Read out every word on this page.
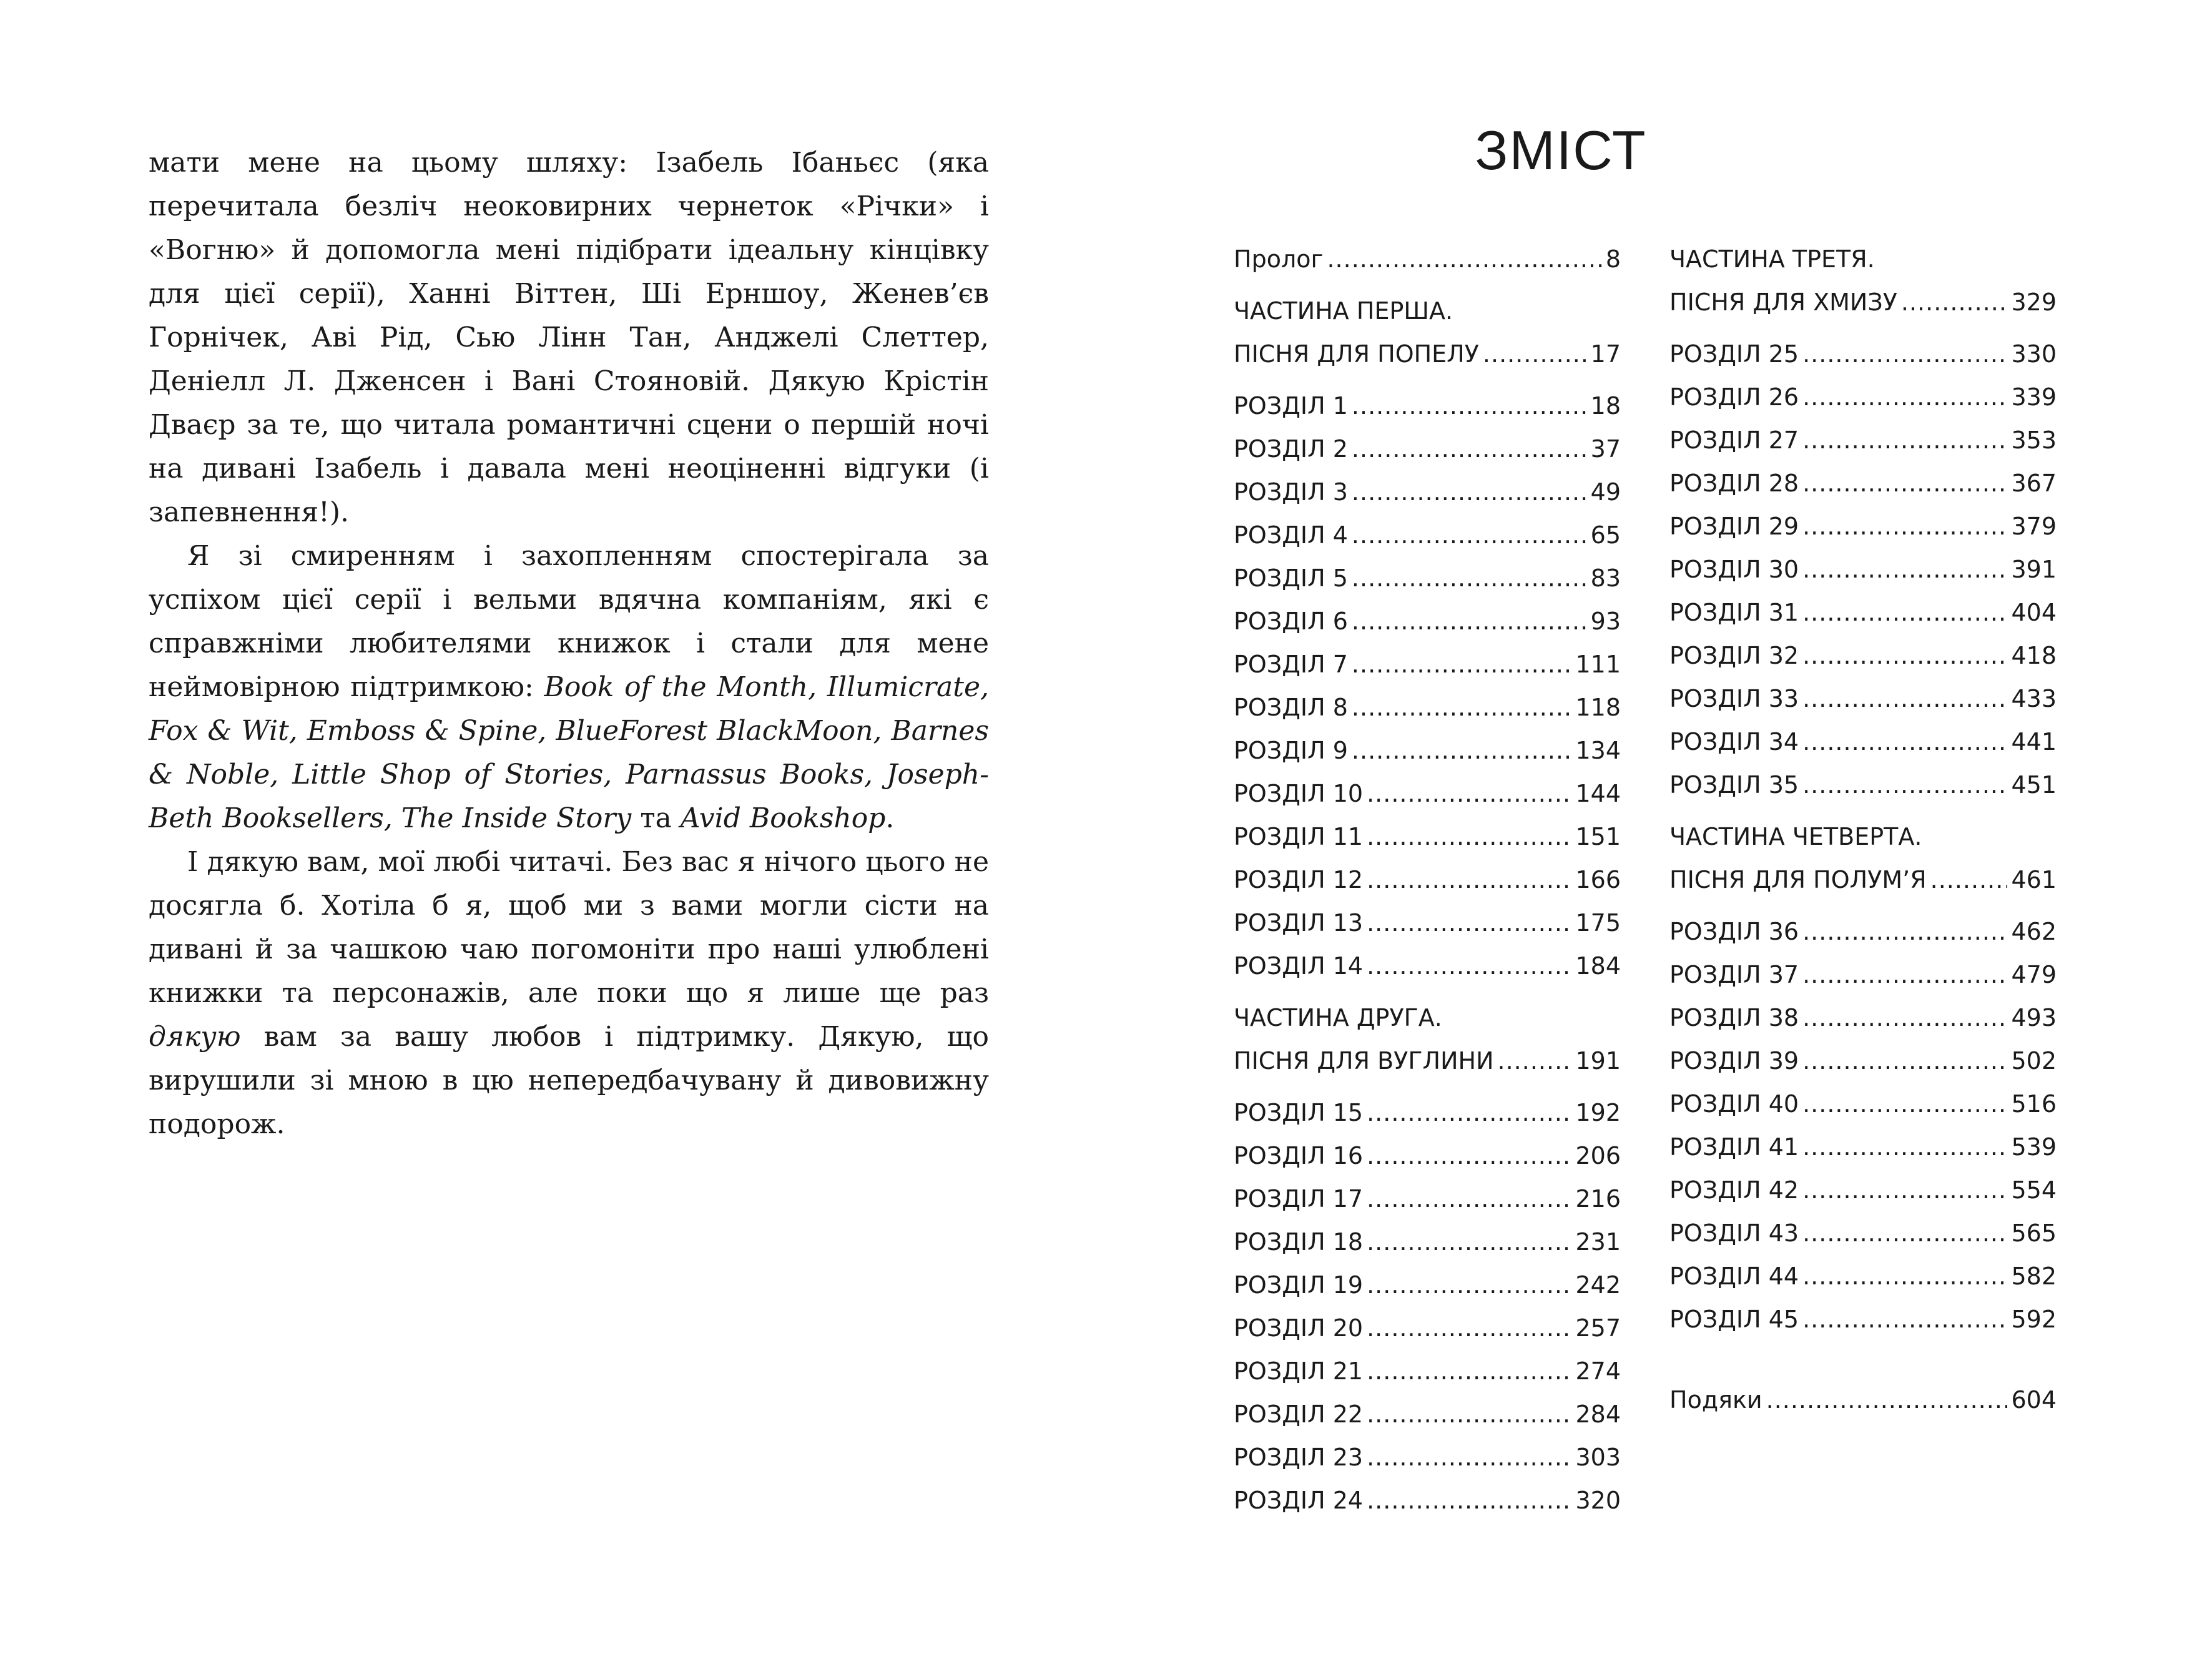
мати мене на цьому шляху: Ізабель Ібаньєс (яка перечитала безліч неоковирних чернеток «Річки» і «Вогню» й допомогла мені підібрати ідеальну кінцівку для цієї серії), Ханні Віттен, Ші Ерншоу, Женев’єв Горнічек, Аві Рід, Сью Лінн Тан, Анджелі Слеттер, Деніелл Л. Дженсен і Вані Стояновій. Дякую Крістін Дваєр за те, що читала романтичні сцени о першій ночі на дивані Ізабель і давала мені неоціненні відгуки (і запевнення!).

Я зі смиренням і захопленням спостерігала за успіхом цієї серії і вельми вдячна компаніям, які є справжніми любителями книжок і стали для мене неймовірною підтримкою: Book of the Month, Illumicrate, Fox & Wit, Emboss & Spine, BlueForest BlackMoon, Barnes & Noble, Little Shop of Stories, Parnassus Books, Joseph-Beth Booksellers, The Inside Story та Avid Bookshop.

І дякую вам, мої любі читачі. Без вас я нічого цього не досягла б. Хотіла б я, щоб ми з вами могли сісти на дивані й за чашкою чаю погомоніти про наші улюблені книжки та персонажів, але поки що я лише ще раз дякую вам за вашу любов і підтримку. Дякую, що вирушили зі мною в цю непередбачувану й дивовижну подорож.

ЗМІСТ
Пролог .....	8
ЧАСТИНА ПЕРША.
ПІСНЯ ДЛЯ ПОПЕЛУ .....	17
РОЗДІЛ 1 .....	18
РОЗДІЛ 2 .....	37
РОЗДІЛ 3 .....	49
РОЗДІЛ 4 .....	65
РОЗДІЛ 5 .....	83
РОЗДІЛ 6 .....	93
РОЗДІЛ 7 .....	111
РОЗДІЛ 8 .....	118
РОЗДІЛ 9 .....	134
РОЗДІЛ 10 .....	144
РОЗДІЛ 11 .....	151
РОЗДІЛ 12 .....	166
РОЗДІЛ 13 .....	175
РОЗДІЛ 14 .....	184
ЧАСТИНА ДРУГА.
ПІСНЯ ДЛЯ ВУГЛИНИ .....	191
РОЗДІЛ 15 .....	192
РОЗДІЛ 16 .....	206
РОЗДІЛ 17 .....	216
РОЗДІЛ 18 .....	231
РОЗДІЛ 19 .....	242
РОЗДІЛ 20 .....	257
РОЗДІЛ 21 .....	274
РОЗДІЛ 22 .....	284
РОЗДІЛ 23 .....	303
РОЗДІЛ 24 .....	320
ЧАСТИНА ТРЕТЯ.
ПІСНЯ ДЛЯ ХМИЗУ .....	329
РОЗДІЛ 25 .....	330
РОЗДІЛ 26 .....	339
РОЗДІЛ 27 .....	353
РОЗДІЛ 28 .....	367
РОЗДІЛ 29 .....	379
РОЗДІЛ 30 .....	391
РОЗДІЛ 31 .....	404
РОЗДІЛ 32 .....	418
РОЗДІЛ 33 .....	433
РОЗДІЛ 34 .....	441
РОЗДІЛ 35 .....	451
ЧАСТИНА ЧЕТВЕРТА.
ПІСНЯ ДЛЯ ПОЛУМ’Я .....	461
РОЗДІЛ 36 .....	462
РОЗДІЛ 37 .....	479
РОЗДІЛ 38 .....	493
РОЗДІЛ 39 .....	502
РОЗДІЛ 40 .....	516
РОЗДІЛ 41 .....	539
РОЗДІЛ 42 .....	554
РОЗДІЛ 43 .....	565
РОЗДІЛ 44 .....	582
РОЗДІЛ 45 .....	592
Подяки .....	604
